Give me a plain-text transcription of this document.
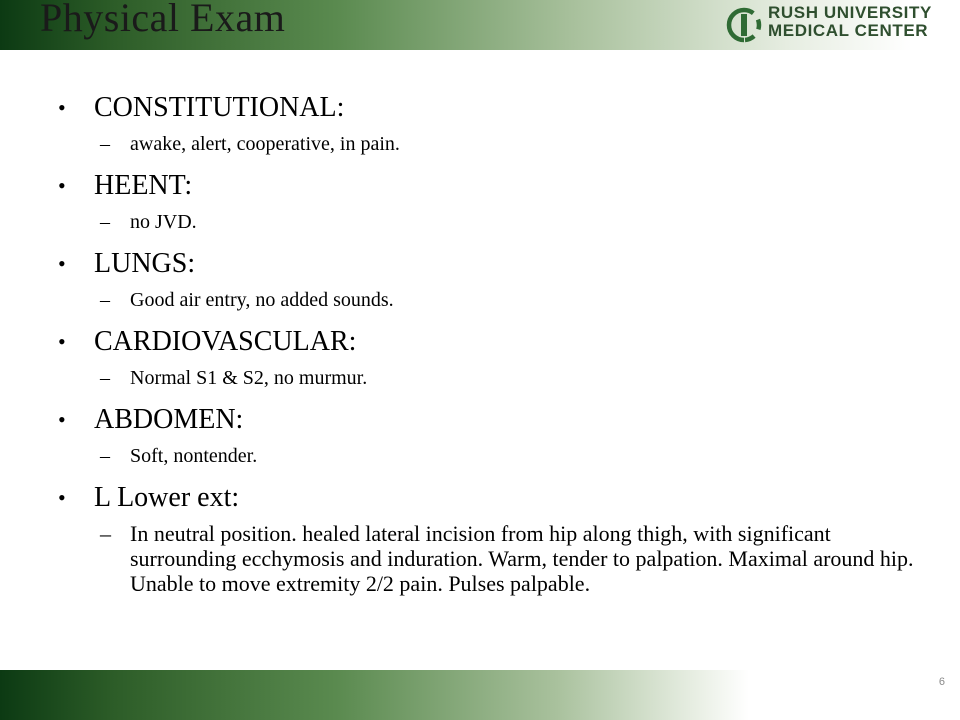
Physical Exam	RUSH UNIVERSITY
MEDICAL CENTER
• CONSTITUTIONAL:
– awake, alert, cooperative, in pain.
• HEENT:
– no JVD.
• LUNGS:
– Good air entry, no added sounds.
• CARDIOVASCULAR:
– Normal S1 & S2, no murmur.
• ABDOMEN:
– Soft, nontender.
• L Lower ext:
– In neutral position. healed lateral incision from hip along thigh, with significant surrounding ecchymosis and induration. Warm, tender to palpation. Maximal around hip. Unable to move extremity 2/2 pain. Pulses palpable.
6
